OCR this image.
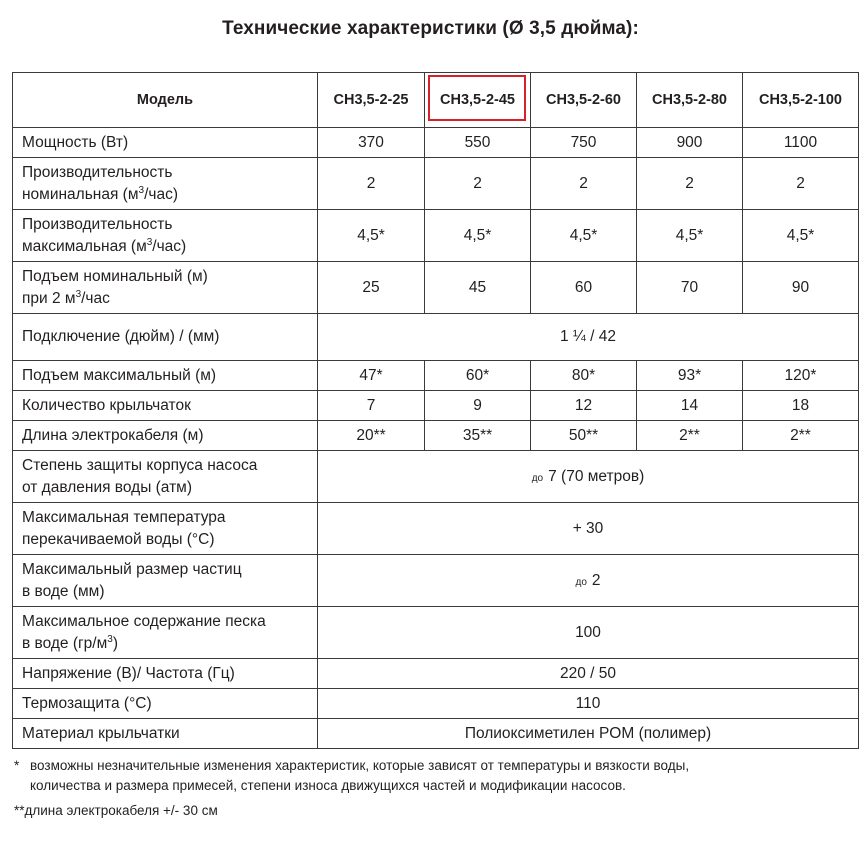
Технические характеристики (Ø 3,5 дюйма):
Модель	СН3,5-2-25	СН3,5-2-45	СН3,5-2-60	СН3,5-2-80	СН3,5-2-100
Мощность (Вт)	370	550	750	900	1100
Производительность
номинальная $(м^3/час)$	2	2	2	2	2
Производительность
максимальная $(м^3/час)$	4,5*	4,5*	4,5*	4,5*	4,5*
Подъем номинальный (м)
при 2 $м^3$/час	25	45	60	70	90
Подключение (дюйм) / (мм)	1 ¼ / 42				
Подъем максимальный (м)	47*	60*	80*	93*	120*
Количество крыльчаток	7	9	12	14	18
Длина электрокабеля (м)	20**	35**	50**	2**	2**
Степень защиты корпуса насоса
от давления воды (атм)	до 7 (70 метров)				
Максимальная температура
перекачиваемой воды (°C)	+ 30				
Максимальный размер частиц
в воде (мм)	до 2				
Максимальное содержание песка
в воде $(гр/м^3)$	100				
Напряжение (В)/ Частота (Гц)	220 / 50				
Термозащита (°C)	110				
Материал крыльчатки	Полиоксиметилен POM (полимер)				
* возможны незначительные изменения характеристик, которые зависят от температуры и вязкости воды,
количества и размера примесей, степени износа движущихся частей и модификации насосов.
**длина электрокабеля +/- 30 см
